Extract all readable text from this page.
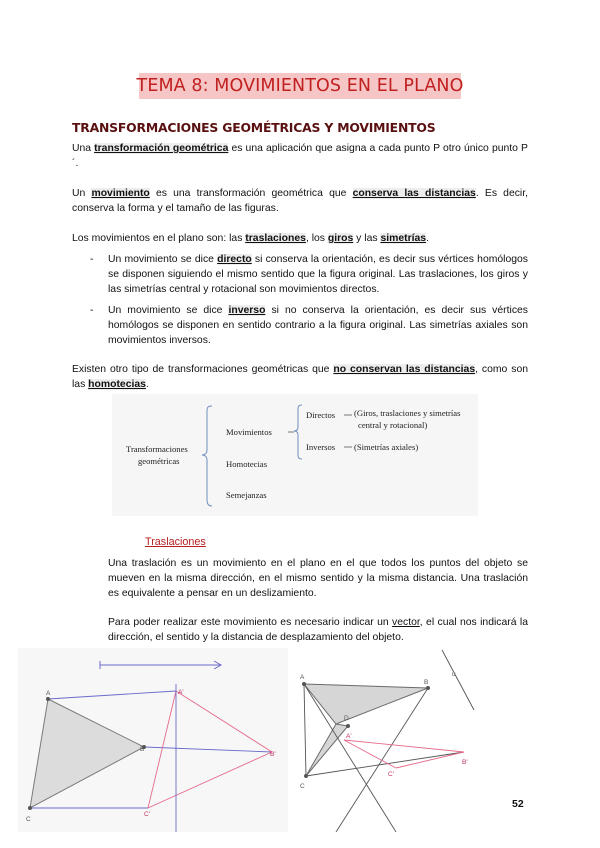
TEMA 8: MOVIMIENTOS EN EL PLANO
TRANSFORMACIONES GEOMÉTRICAS Y MOVIMIENTOS
Una transformación geométrica es una aplicación que asigna a cada punto P otro único punto P´.
Un movimiento es una transformación geométrica que conserva las distancias. Es decir, conserva la forma y el tamaño de las figuras.
Los movimientos en el plano son: las traslaciones, los giros y las simetrías.
- Un movimiento se dice directo si conserva la orientación, es decir sus vértices homólogos se disponen siguiendo el mismo sentido que la figura original. Las traslaciones, los giros y las simetrías central y rotacional son movimientos directos.
- Un movimiento se dice inverso si no conserva la orientación, es decir sus vértices homólogos se disponen en sentido contrario a la figura original. Las simetrías axiales son movimientos inversos.
Existen otro tipo de transformaciones geométricas que no conservan las distancias, como son las homotecias.
Transformaciones
geométricas
Movimientos
Homotecias
Semejanzas
Directos (Giros, traslaciones y simetrías
central y rotacional)
Inversos (Simetrías axiales)
Traslaciones
Una traslación es un movimiento en el plano en el que todos los puntos del objeto se mueven en la misma dirección, en el mismo sentido y la misma distancia. Una traslación es equivalente a pensar en un deslizamiento.
Para poder realizar este movimiento es necesario indicar un vector, el cual nos indicará la dirección, el sentido y la distancia de desplazamiento del objeto.
A
B
C
A'
B'
C'
u
A
B
C
D
A'
B'
C'
52
